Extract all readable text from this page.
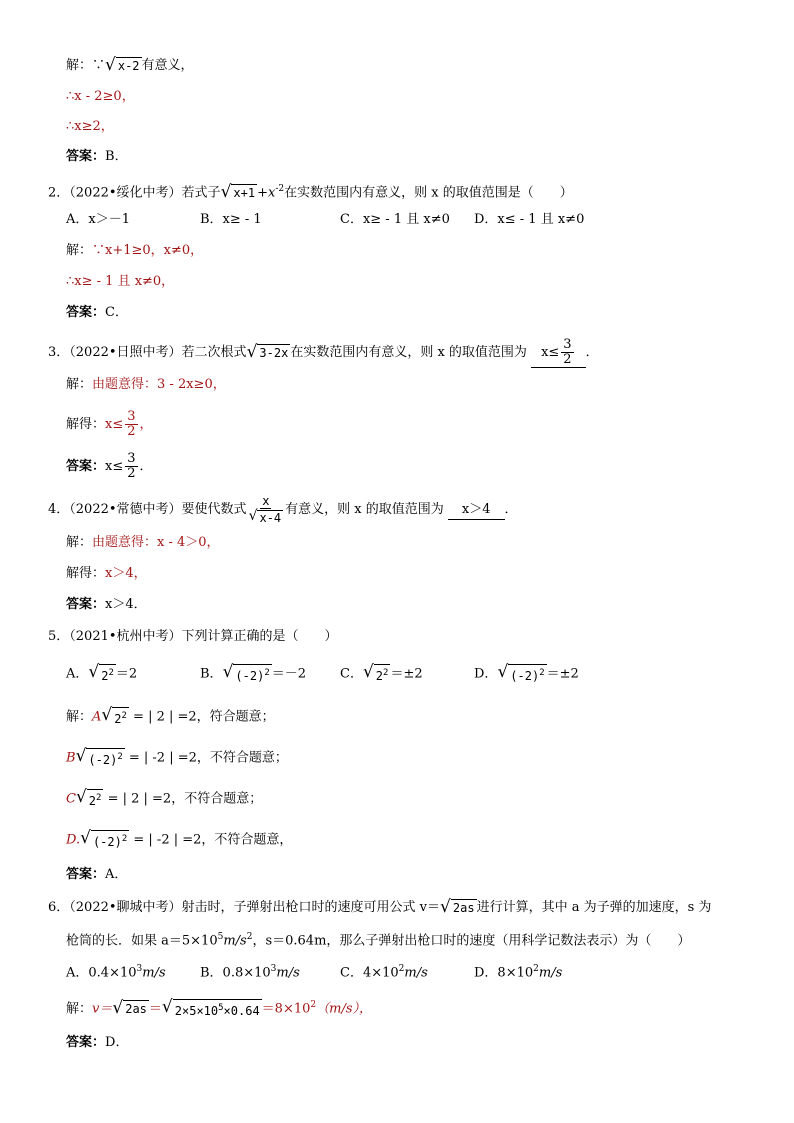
解：∵ √ x-2 有意义，
∴x - 2≥0，
∴x≥2，
答案：B．
2．（2022•绥化中考）若式子 √ $x+1 +x^{-2}$在实数范围内有意义，则 x 的取值范围是（　　）
A．x＞－1	B．x≥ - 1	C．x≥ - 1 且 x≠0 D．x≤ - 1 且 x≠0
解：∵x+1≥0，x≠0，
∴x≥ - 1 且 x≠0，
答案：C．
3．（2022•日照中考）若二次根式 √ 3-2x 在实数范围内有意义，则 x 的取值范围为 $x\le \frac{3}{2}$ ．
解：由题意得：3 - 2x≥0，
解得：$x\le \frac{3}{2}$ ，
答案：$x\le \frac{3}{2}$ ．
4．（2022•常德中考）要使代数式 $\frac{x}{√ x-4}$ 有意义，则 x 的取值范围为 x＞4 ．
解：由题意得：x - 4＞0，
解得：x＞4，
答案：x＞4．
5．（2021•杭州中考）下列计算正确的是（　　）
A． √ $2^2 =2$	B． √ $(-2)^2 =-2$	C． √ $2^2 =\pm 2$	D． √ $(-2)^2 =\pm 2$
解：A √ $2^2$ = | 2 | =2，符合题意；
B √ $(-2)^2$ = | -2 | =2，不符合题意；
C √ $2^2$ = | 2 | =2，不符合题意；
D. √ $(-2)^2$ = | -2 | =2，不符合题意，
答案：A．
6．（2022•聊城中考）射击时，子弹射出枪口时的速度可用公式 v＝ √ 2as 进行计算，其中 a 为子弹的加速度，s 为
枪筒的长．如果 $a=5\times 10^5m/s^2$，s＝0.64m，那么子弹射出枪口时的速度（用科学记数法表示）为（　　）
A．$0.4\times 10^3m/s$	B．$0.8\times 10^3m/s$	C．$4\times 10^2m/s$	D．$8\times 10^2m/s$
解：v＝ √ 2as ＝ √ $2\times 5\times 10^5\times 0.64 =8\times 10^2(m/s)$，
答案：D．
